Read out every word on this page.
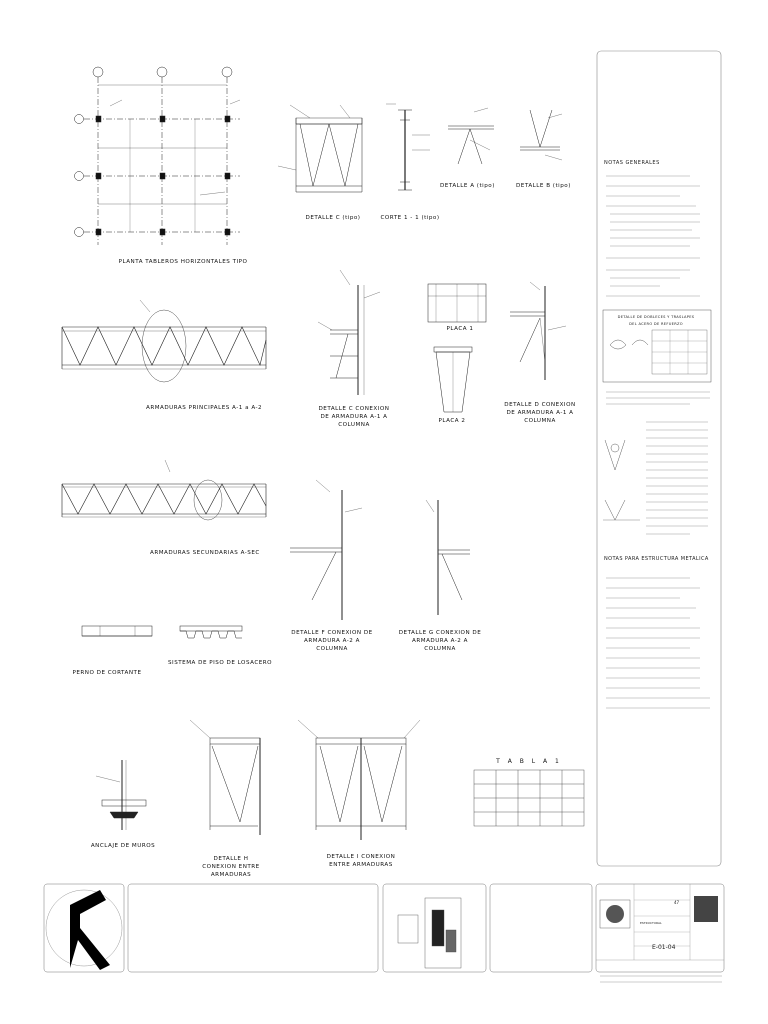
PLANTA TABLEROS HORIZONTALES TIPO
DETALLE C (tipo)	CORTE 1 - 1 (tipo)
DETALLE A (tipo)	DETALLE B (tipo)
ARMADURAS PRINCIPALES A-1 a A-2	DETALLE C CONEXION DE ARMADURA A-1 A COLUMNA
PLACA 1
PLACA 2
DETALLE D CONEXION DE ARMADURA A-1 A COLUMNA
ARMADURAS SECUNDARIAS A-SEC
DETALLE F CONEXION DE ARMADURA A-2 A COLUMNA
DETALLE G CONEXION DE ARMADURA A-2 A COLUMNA
PERNO DE CORTANTE
SISTEMA DE PISO DE LOSACERO
ANCLAJE DE MUROS
DETALLE H CONEXION ENTRE ARMADURAS
DETALLE I CONEXION ENTRE ARMADURAS
T A B L A 1
NOTAS GENERALES
DETALLE DE DOBLECES Y TRASLAPES
DEL ACERO DE REFUERZO
NOTAS PARA ESTRUCTURA METALICA
E-01-04
47
ESTRUCTURAL
